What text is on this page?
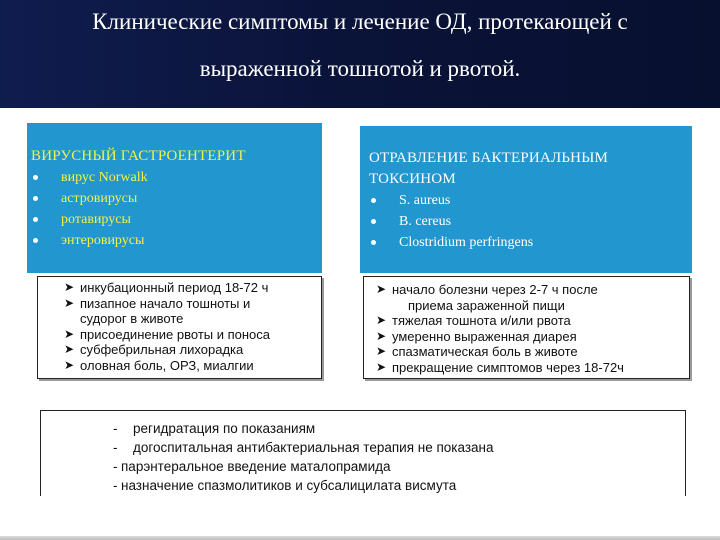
Клинические симптомы и лечение ОД, протекающей с
выраженной тошнотой и рвотой.
ВИРУСНЫЙ ГАСТРОЕНТЕРИТ
вирус Norwalk
астровирусы
ротавирусы
энтеровирусы
ОТРАВЛЕНИЕ БАКТЕРИАЛЬНЫМ
ТОКСИНОМ
S. aureus
B. cereus
Clostridium perfringens
➤ инкубационный период 18-72 ч
➤ пизапное начало тошноты и
судорог в животе
➤ присоединение рвоты и поноса
➤ субфебрильная лихорадка
➤ оловная боль, ОРЗ, миалгии
➤ начало болезни через 2-7 ч после
приема зараженной пищи
➤ тяжелая тошнота и/или рвота
➤ умеренно выраженная диарея
➤ спазматическая боль в животе
➤ прекращение симптомов через 18-72ч
- регидратация по показаниям
- догоспитальная антибактериальная терапия не показана
- парэнтеральное введение маталопрамида
- назначение спазмолитиков и субсалицилата висмута
